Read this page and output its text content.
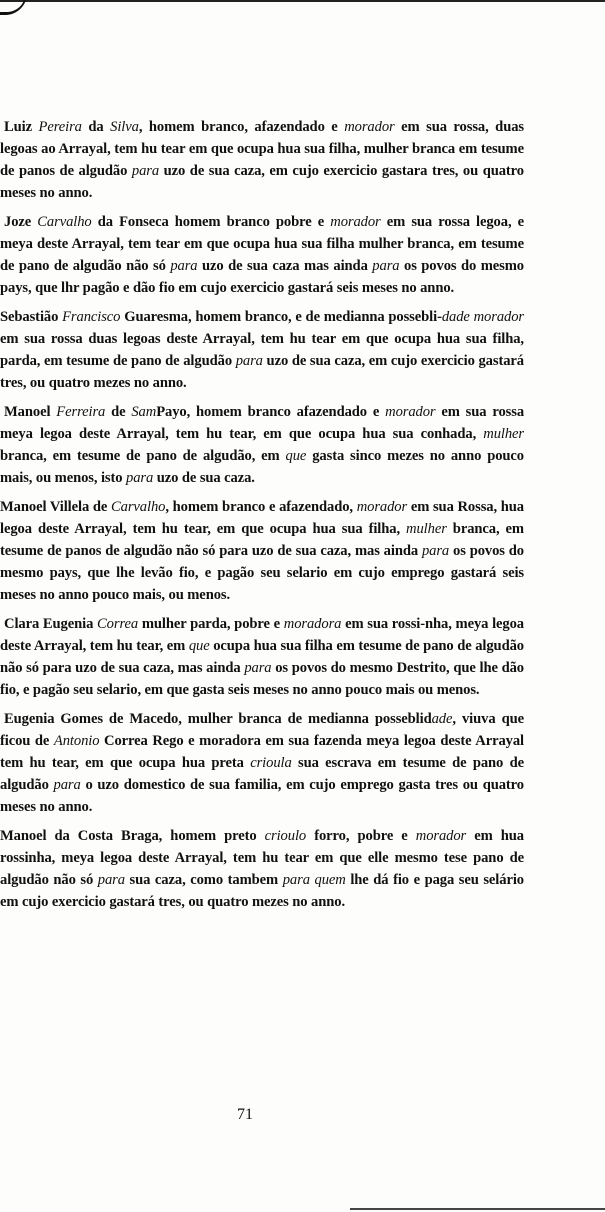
Luiz Pereira da Silva, homem branco, afazendado e morador em sua rossa, duas legoas ao Arrayal, tem hu tear em que ocupa hua sua filha, mulher branca em tesume de panos de algudão para uzo de sua caza, em cujo exercicio gastara tres, ou quatro meses no anno.

Joze Carvalho da Fonseca homem branco pobre e morador em sua rossa legoa, e meya deste Arrayal, tem tear em que ocupa hua sua filha mulher branca, em tesume de pano de algudão não só para uzo de sua caza mas ainda para os povos do mesmo pays, que lhr pagão e dão fio em cujo exercicio gastará seis meses no anno.

Sebastião Francisco Guaresma, homem branco, e de medianna possebli-dade morador em sua rossa duas legoas deste Arrayal, tem hu tear em que ocupa hua sua filha, parda, em tesume de pano de algudão para uzo de sua caza, em cujo exercicio gastará tres, ou quatro mezes no anno.

Manoel Ferreira de SamPayo, homem branco afazendado e morador em sua rossa meya legoa deste Arrayal, tem hu tear, em que ocupa hua sua conhada, mulher branca, em tesume de pano de algudão, em que gasta sinco mezes no anno pouco mais, ou menos, isto para uzo de sua caza.

Manoel Villela de Carvalho, homem branco e afazendado, morador em sua Rossa, hua legoa deste Arrayal, tem hu tear, em que ocupa hua sua filha, mulher branca, em tesume de panos de algudão não só para uzo de sua caza, mas ainda para os povos do mesmo pays, que lhe levão fio, e pagão seu selario em cujo emprego gastará seis meses no anno pouco mais, ou menos.

Clara Eugenia Correa mulher parda, pobre e moradora em sua rossi-nha, meya legoa deste Arrayal, tem hu tear, em que ocupa hua sua filha em tesume de pano de algudão não só para uzo de sua caza, mas ainda para os povos do mesmo Destrito, que lhe dão fio, e pagão seu selario, em que gasta seis meses no anno pouco mais ou menos.

Eugenia Gomes de Macedo, mulher branca de medianna posseblidade, viuva que ficou de Antonio Correa Rego e moradora em sua fazenda meya legoa deste Arrayal tem hu tear, em que ocupa hua preta crioula sua escrava em tesume de pano de algudão para o uzo domestico de sua familia, em cujo emprego gasta tres ou quatro meses no anno.

Manoel da Costa Braga, homem preto crioulo forro, pobre e morador em hua rossinha, meya legoa deste Arrayal, tem hu tear em que elle mesmo tese pano de algudão não só para sua caza, como tambem para quem lhe dá fio e paga seu selário em cujo exercicio gastará tres, ou quatro mezes no anno.

71
